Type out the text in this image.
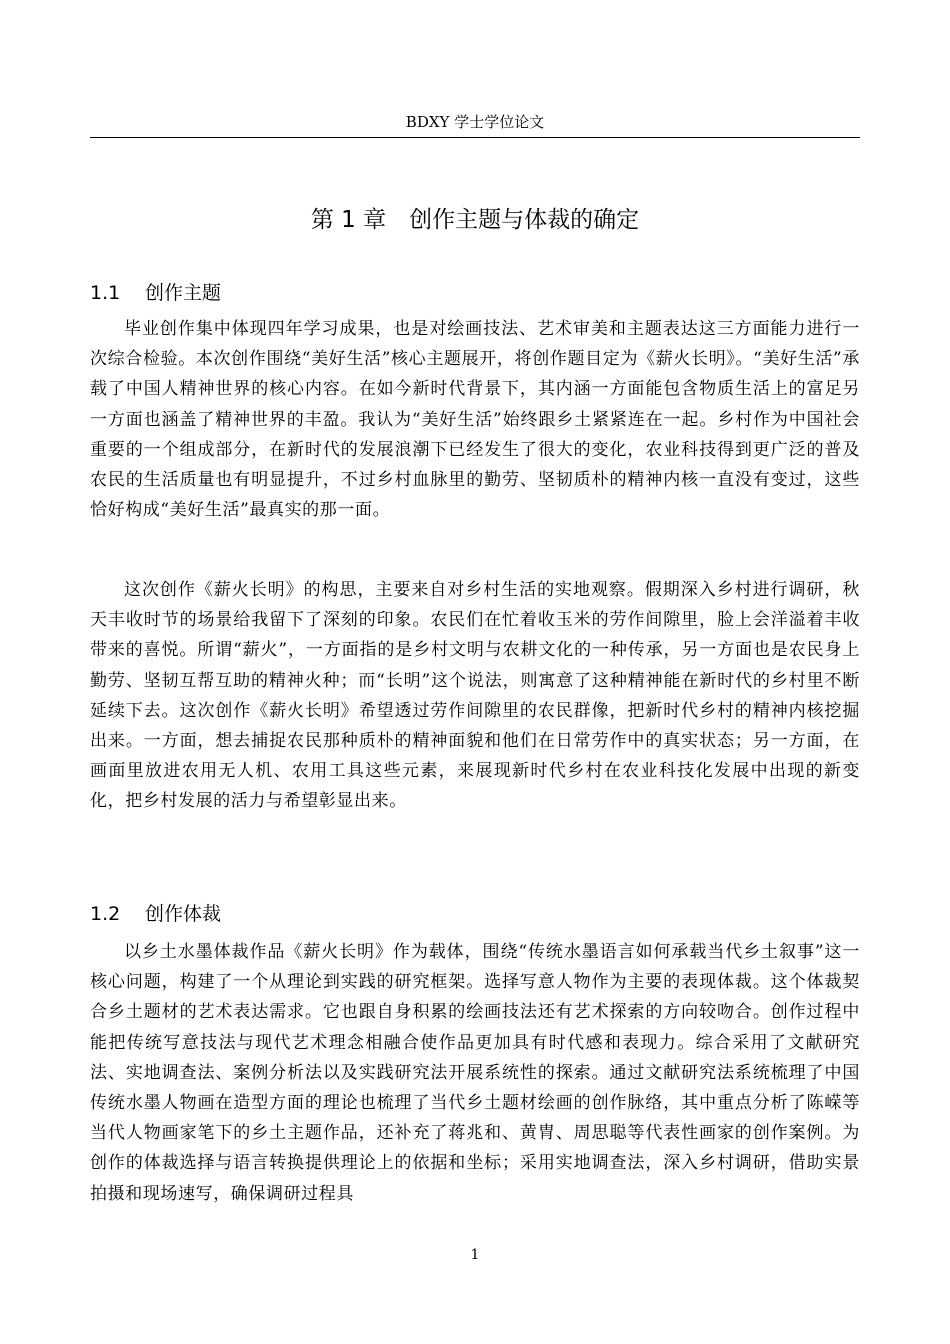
BDXY 学士学位论文
第 1 章　创作主题与体裁的确定
1.1 创作主题

毕业创作集中体现四年学习成果，也是对绘画技法、艺术审美和主题表达这三方面能力进行一次综合检验。本次创作围绕“美好生活”核心主题展开，将创作题目定为《薪火长明》。“美好生活”承载了中国人精神世界的核心内容。在如今新时代背景下，其内涵一方面能包含物质生活上的富足另一方面也涵盖了精神世界的丰盈。我认为“美好生活”始终跟乡土紧紧连在一起。乡村作为中国社会重要的一个组成部分，在新时代的发展浪潮下已经发生了很大的变化，农业科技得到更广泛的普及农民的生活质量也有明显提升，不过乡村血脉里的勤劳、坚韧质朴的精神内核一直没有变过，这些恰好构成“美好生活”最真实的那一面。

这次创作《薪火长明》的构思，主要来自对乡村生活的实地观察。假期深入乡村进行调研，秋天丰收时节的场景给我留下了深刻的印象。农民们在忙着收玉米的劳作间隙里，脸上会洋溢着丰收带来的喜悦。所谓“薪火”，一方面指的是乡村文明与农耕文化的一种传承，另一方面也是农民身上勤劳、坚韧互帮互助的精神火种；而“长明”这个说法，则寓意了这种精神能在新时代的乡村里不断延续下去。这次创作《薪火长明》希望透过劳作间隙里的农民群像，把新时代乡村的精神内核挖掘出来。一方面，想去捕捉农民那种质朴的精神面貌和他们在日常劳作中的真实状态；另一方面，在画面里放进农用无人机、农用工具这些元素，来展现新时代乡村在农业科技化发展中出现的新变化，把乡村发展的活力与希望彰显出来。

1.2 创作体裁

以乡土水墨体裁作品《薪火长明》作为载体，围绕“传统水墨语言如何承载当代乡土叙事”这一核心问题，构建了一个从理论到实践的研究框架。选择写意人物作为主要的表现体裁。这个体裁契合乡土题材的艺术表达需求。它也跟自身积累的绘画技法还有艺术探索的方向较吻合。创作过程中能把传统写意技法与现代艺术理念相融合使作品更加具有时代感和表现力。综合采用了文献研究法、实地调查法、案例分析法以及实践研究法开展系统性的探索。通过文献研究法系统梳理了中国传统水墨人物画在造型方面的理论也梳理了当代乡土题材绘画的创作脉络，其中重点分析了陈嵘等当代人物画家笔下的乡土主题作品，还补充了蒋兆和、黄胄、周思聪等代表性画家的创作案例。为创作的体裁选择与语言转换提供理论上的依据和坐标；采用实地调查法，深入乡村调研，借助实景拍摄和现场速写，确保调研过程具

1
